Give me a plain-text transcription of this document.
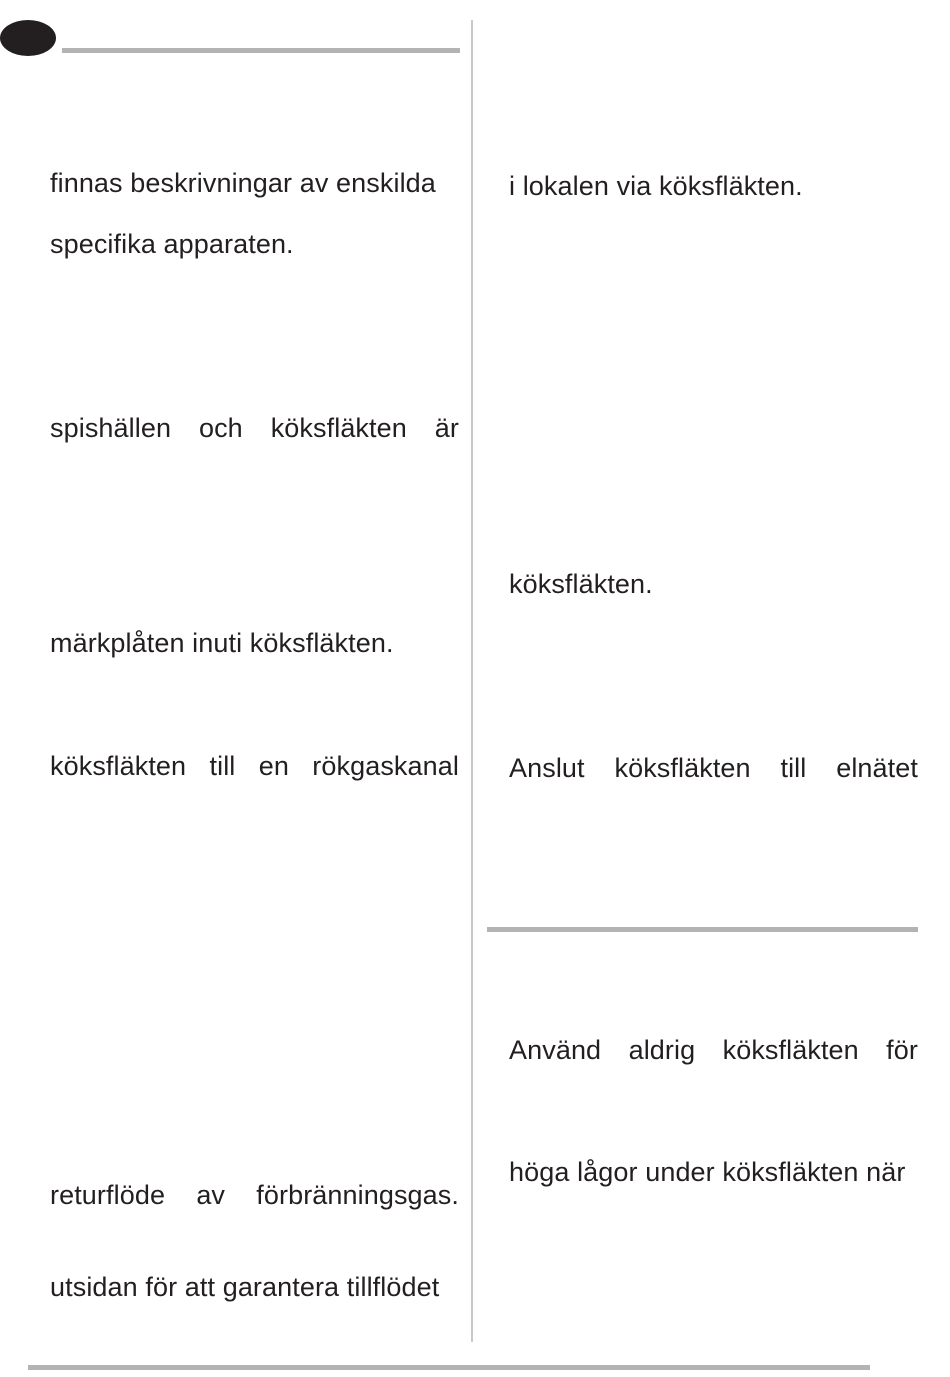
finnas beskrivningar av enskilda
specifika apparaten.
spishällen och köksfläkten är
märkplåten inuti köksfläkten.
köksfläkten till en rökgaskanal
returflöde av förbränningsgas.
utsidan för att garantera tillflödet
i lokalen via köksfläkten.
köksfläkten.
Anslut köksfläkten till elnätet
Använd aldrig köksfläkten för
höga lågor under köksfläkten när
